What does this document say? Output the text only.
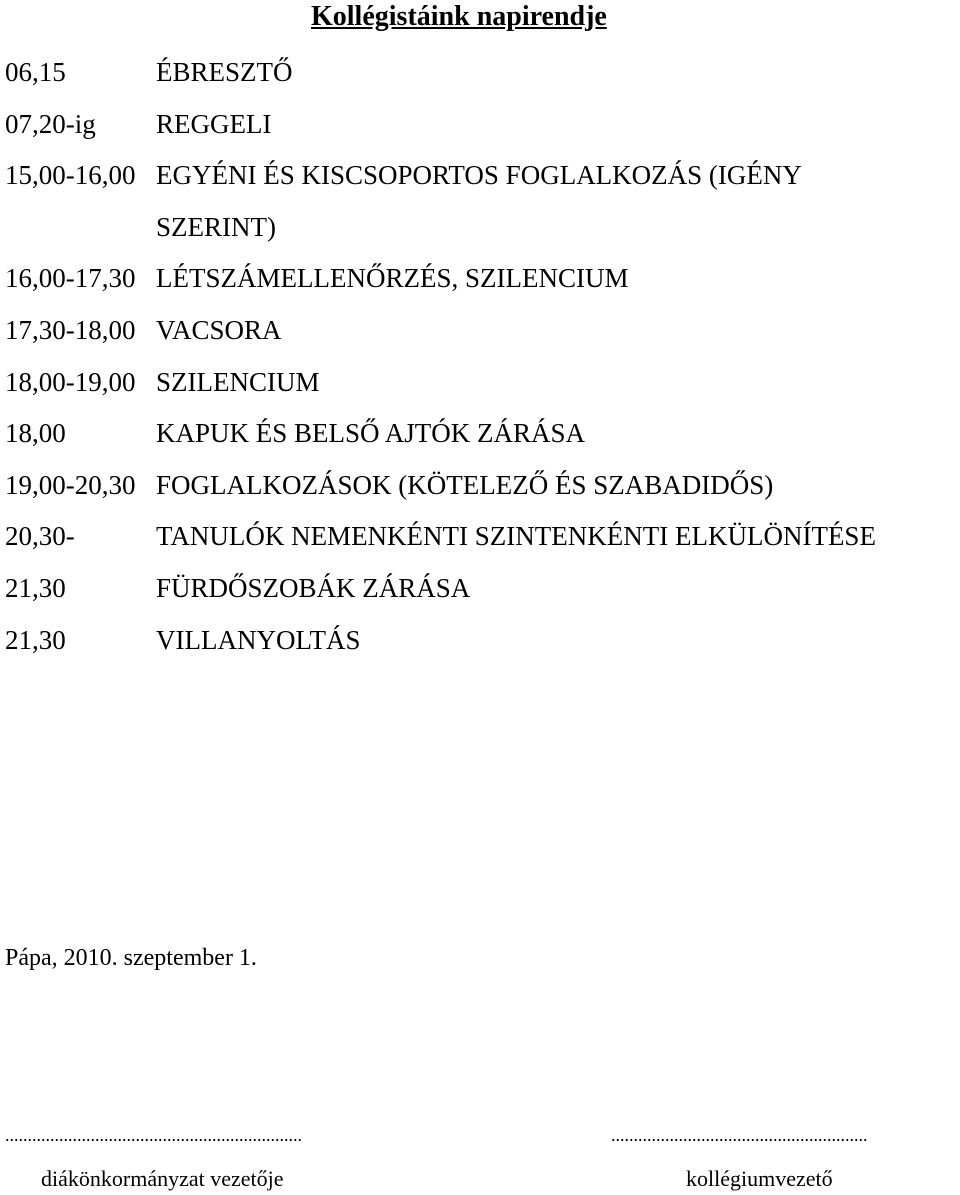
Kollégistáink napirendje
06,15	ÉBRESZTŐ
07,20-ig REGGELI
15,00-16,00 EGYÉNI ÉS KISCSOPORTOS FOGLALKOZÁS (IGÉNY
SZERINT)
16,00-17,30 LÉTSZÁMELLENŐRZÉS, SZILENCIUM
17,30-18,00 VACSORA
18,00-19,00 SZILENCIUM
18,00	KAPUK ÉS BELSŐ AJTÓK ZÁRÁSA
19,00-20,30 FOGLALKOZÁSOK (KÖTELEZŐ ÉS SZABADIDŐS)
20,30-	TANULÓK NEMENKÉNTI SZINTENKÉNTI ELKÜLÖNÍTÉSE
21,30	FÜRDŐSZOBÁK ZÁRÁSA
21,30	VILLANYOLTÁS
Pápa, 2010. szeptember 1.
..................................................................	.........................................................
diákönkormányzat vezetője	kollégiumvezető
